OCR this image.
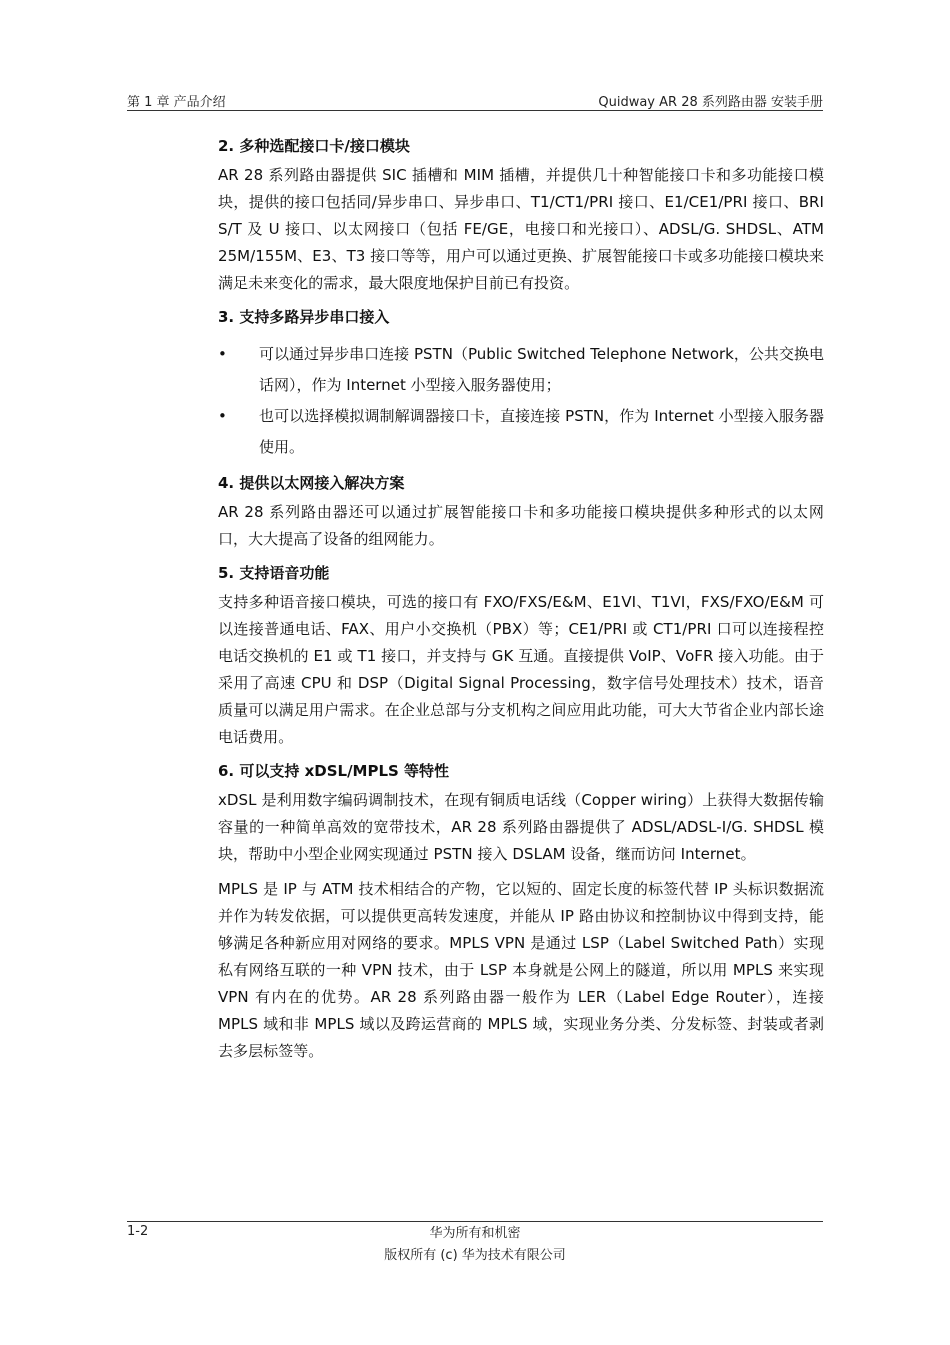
第 1 章 产品介绍	Quidway AR 28 系列路由器 安装手册
2. 多种选配接口卡/接口模块

AR 28 系列路由器提供 SIC 插槽和 MIM 插槽，并提供几十种智能接口卡和多功能接口模块，提供的接口包括同/异步串口、异步串口、T1/CT1/PRI 接口、E1/CE1/PRI 接口、BRI S/T 及 U 接口、以太网接口（包括 FE/GE，电接口和光接口）、ADSL/G. SHDSL、ATM 25M/155M、E3、T3 接口等等，用户可以通过更换、扩展智能接口卡或多功能接口模块来满足未来变化的需求，最大限度地保护目前已有投资。

3. 支持多路异步串口接入
• 可以通过异步串口连接 PSTN（Public Switched Telephone Network，公共交换电话网），作为 Internet 小型接入服务器使用；
• 也可以选择模拟调制解调器接口卡，直接连接 PSTN，作为 Internet 小型接入服务器使用。
4. 提供以太网接入解决方案

AR 28 系列路由器还可以通过扩展智能接口卡和多功能接口模块提供多种形式的以太网口，大大提高了设备的组网能力。

5. 支持语音功能

支持多种语音接口模块，可选的接口有 FXO/FXS/E&M、E1VI、T1VI，FXS/FXO/E&M 可以连接普通电话、FAX、用户小交换机（PBX）等；CE1/PRI 或 CT1/PRI 口可以连接程控电话交换机的 E1 或 T1 接口，并支持与 GK 互通。直接提供 VoIP、VoFR 接入功能。由于采用了高速 CPU 和 DSP（Digital Signal Processing，数字信号处理技术）技术，语音质量可以满足用户需求。在企业总部与分支机构之间应用此功能，可大大节省企业内部长途电话费用。

6. 可以支持 xDSL/MPLS 等特性

xDSL 是利用数字编码调制技术，在现有铜质电话线（Copper wiring）上获得大数据传输容量的一种简单高效的宽带技术，AR 28 系列路由器提供了 ADSL/ADSL-I/G. SHDSL 模块，帮助中小型企业网实现通过 PSTN 接入 DSLAM 设备，继而访问 Internet。

MPLS 是 IP 与 ATM 技术相结合的产物，它以短的、固定长度的标签代替 IP 头标识数据流并作为转发依据，可以提供更高转发速度，并能从 IP 路由协议和控制协议中得到支持，能够满足各种新应用对网络的要求。MPLS VPN 是通过 LSP（Label Switched Path）实现私有网络互联的一种 VPN 技术，由于 LSP 本身就是公网上的隧道，所以用 MPLS 来实现 VPN 有内在的优势。AR 28 系列路由器一般作为 LER（Label Edge Router），连接 MPLS 域和非 MPLS 域以及跨运营商的 MPLS 域，实现业务分类、分发标签、封装或者剥去多层标签等。

1-2	华为所有和机密
版权所有 (c) 华为技术有限公司
